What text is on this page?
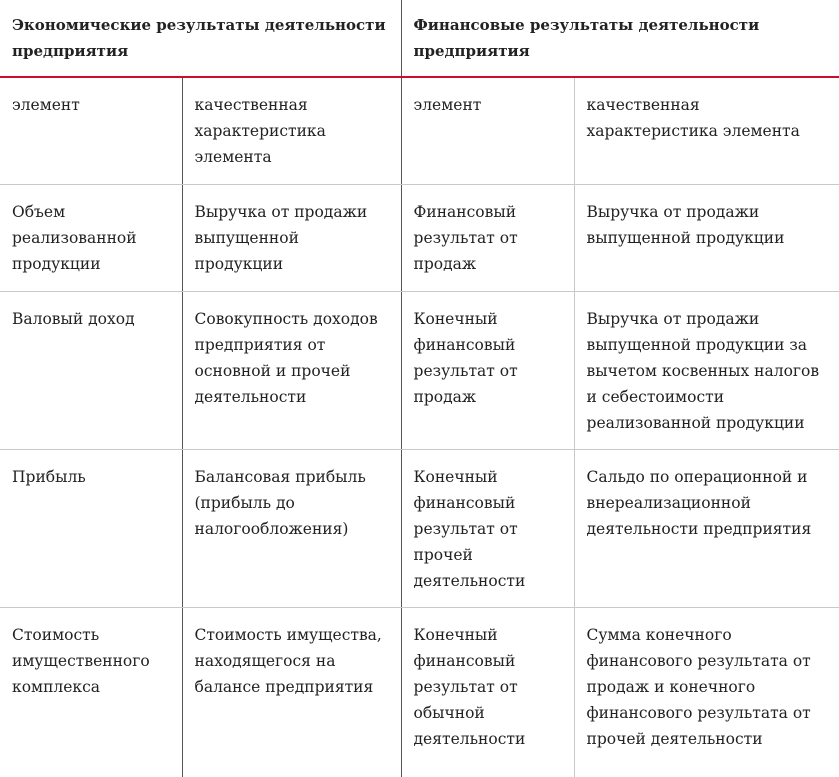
Экономические результаты деятельности предприятия		Финансовые результаты деятельности предприятия	
элемент	качественная характеристика элемента	элемент	качественная характеристика элемента
Объем реализованной продукции	Выручка от продажи выпущенной продукции	Финансовый результат от продаж	Выручка от продажи выпущенной продукции
Валовый доход	Совокупность доходов предприятия от основной и прочей деятельности	Конечный финансовый результат от продаж	Выручка от продажи выпущенной продукции за вычетом косвенных налогов и себестоимости реализованной продукции
Прибыль	Балансовая прибыль (прибыль до налогообложения)	Конечный финансовый результат от прочей деятельности	Сальдо по операционной и внереализационной деятельности предприятия
Стоимость имущественного комплекса	Стоимость имущества, находящегося на балансе предприятия	Конечный финансовый результат от обычной деятельности	Сумма конечного финансового результата от продаж и конечного финансового результата от прочей деятельности
